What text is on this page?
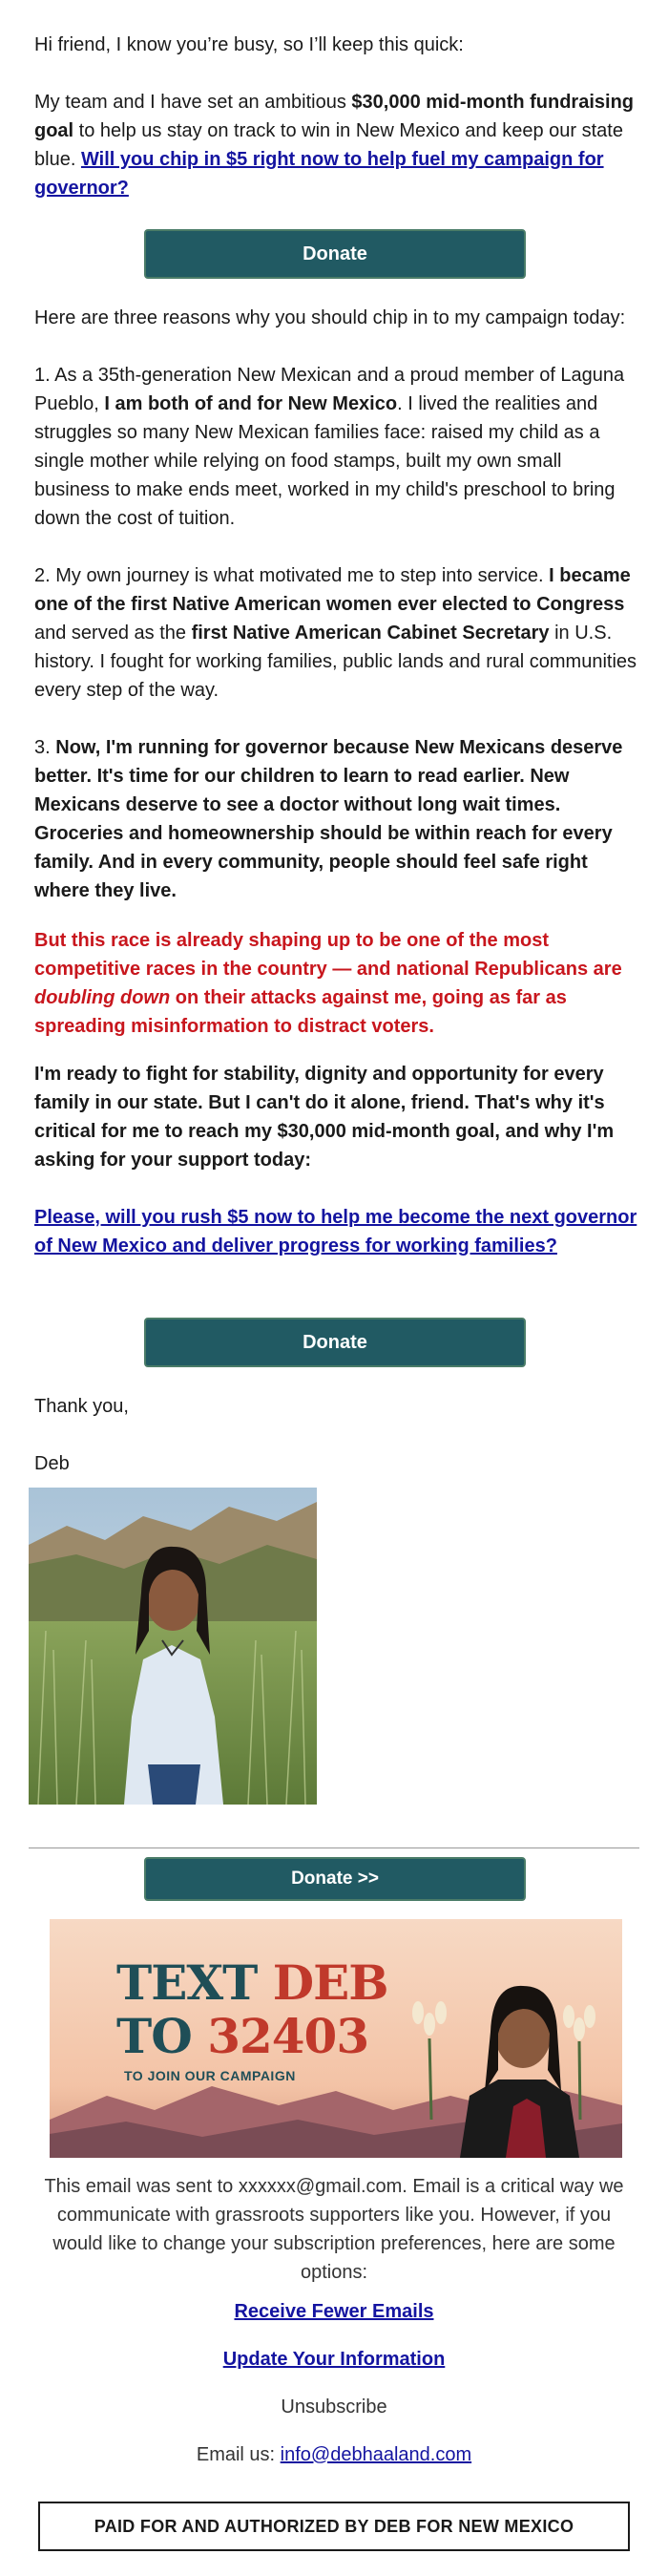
Hi friend, I know you’re busy, so I’ll keep this quick:

My team and I have set an ambitious $30,000 mid-month fundraising goal to help us stay on track to win in New Mexico and keep our state blue. Will you chip in $5 right now to help fuel my campaign for governor?

Donate

Here are three reasons why you should chip in to my campaign today:

1. As a 35th-generation New Mexican and a proud member of Laguna Pueblo, I am both of and for New Mexico. I lived the realities and struggles so many New Mexican families face: raised my child as a single mother while relying on food stamps, built my own small business to make ends meet, worked in my child's preschool to bring down the cost of tuition.

2. My own journey is what motivated me to step into service. I became one of the first Native American women ever elected to Congress and served as the first Native American Cabinet Secretary in U.S. history. I fought for working families, public lands and rural communities every step of the way.

3. Now, I'm running for governor because New Mexicans deserve better. It's time for our children to learn to read earlier. New Mexicans deserve to see a doctor without long wait times. Groceries and homeownership should be within reach for every family. And in every community, people should feel safe right where they live.

But this race is already shaping up to be one of the most competitive races in the country — and national Republicans are doubling down on their attacks against me, going as far as spreading misinformation to distract voters.

I'm ready to fight for stability, dignity and opportunity for every family in our state. But I can't do it alone, friend. That's why it's critical for me to reach my $30,000 mid-month goal, and why I'm asking for your support today:

Please, will you rush $5 now to help me become the next governor of New Mexico and deliver progress for working families?

Donate

Thank you,

Deb

Donate >>
TEXT DEB
TO 32403
TO JOIN OUR CAMPAIGN
This email was sent to xxxxxx@gmail.com. Email is a critical way we communicate with grassroots supporters like you. However, if you would like to change your subscription preferences, here are some options:
Receive Fewer Emails
Update Your Information
Unsubscribe
Email us: info@debhaaland.com
PAID FOR AND AUTHORIZED BY DEB FOR NEW MEXICO
